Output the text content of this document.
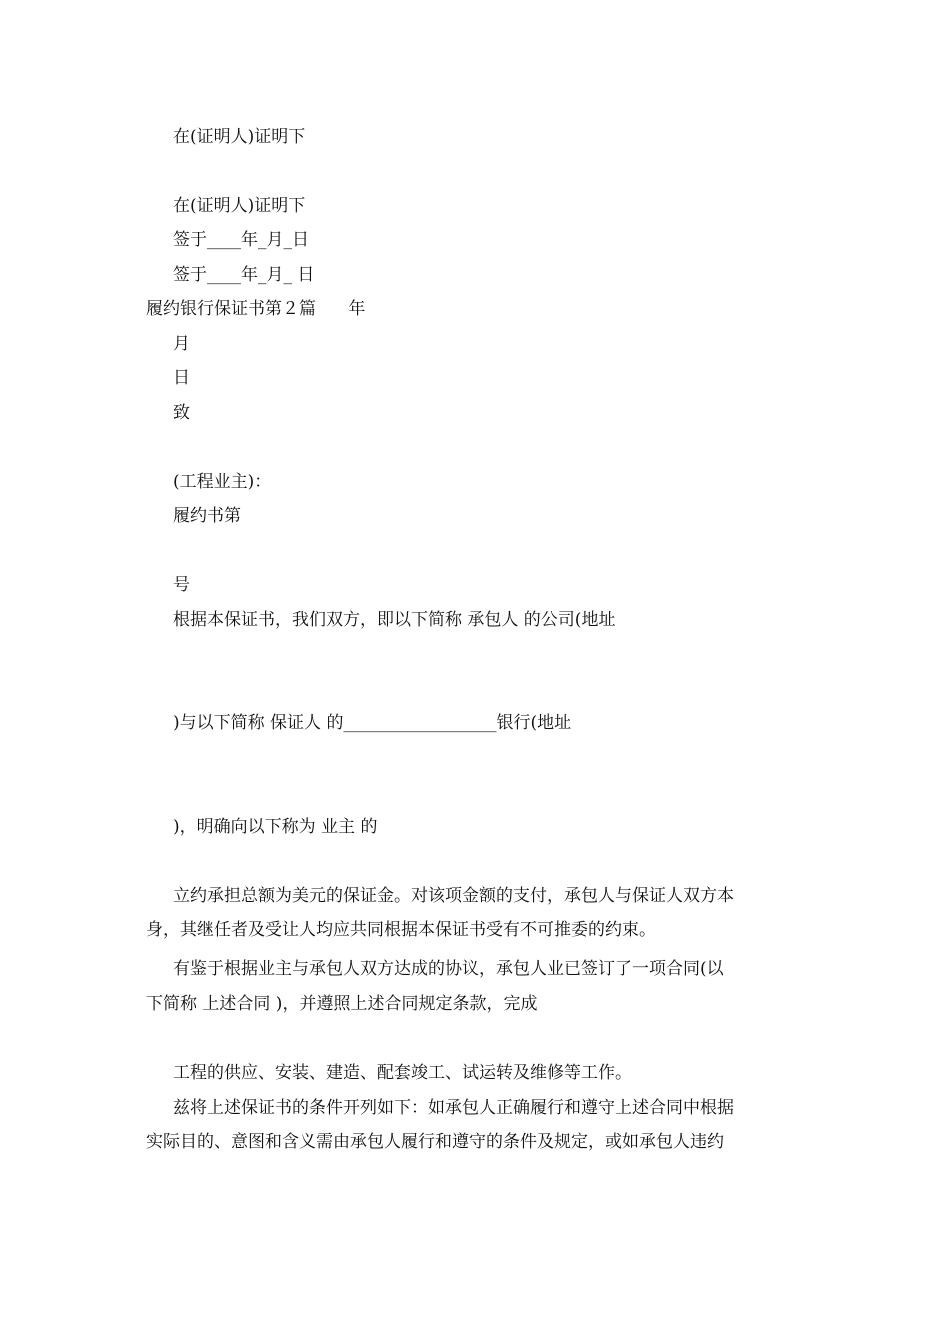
在(证明人)证明下
在(证明人)证明下
签于____年_月_日
签于____年_月_ 日
履约银行保证书第２篇      年
月
日
致
(工程业主)：
履约书第
号
根据本保证书，我们双方，即以下简称 承包人 的公司(地址
)与以下简称 保证人 的__________________银行(地址
)，明确向以下称为 业主 的
立约承担总额为美元的保证金。对该项金额的支付，承包人与保证人双方本
身，其继任者及受让人均应共同根据本保证书受有不可推委的约束。
有鉴于根据业主与承包人双方达成的协议，承包人业已签订了一项合同(以
下简称 上述合同 )，并遵照上述合同规定条款，完成
工程的供应、安装、建造、配套竣工、试运转及维修等工作。
兹将上述保证书的条件开列如下：如承包人正确履行和遵守上述合同中根据
实际目的、意图和含义需由承包人履行和遵守的条件及规定，或如承包人违约
